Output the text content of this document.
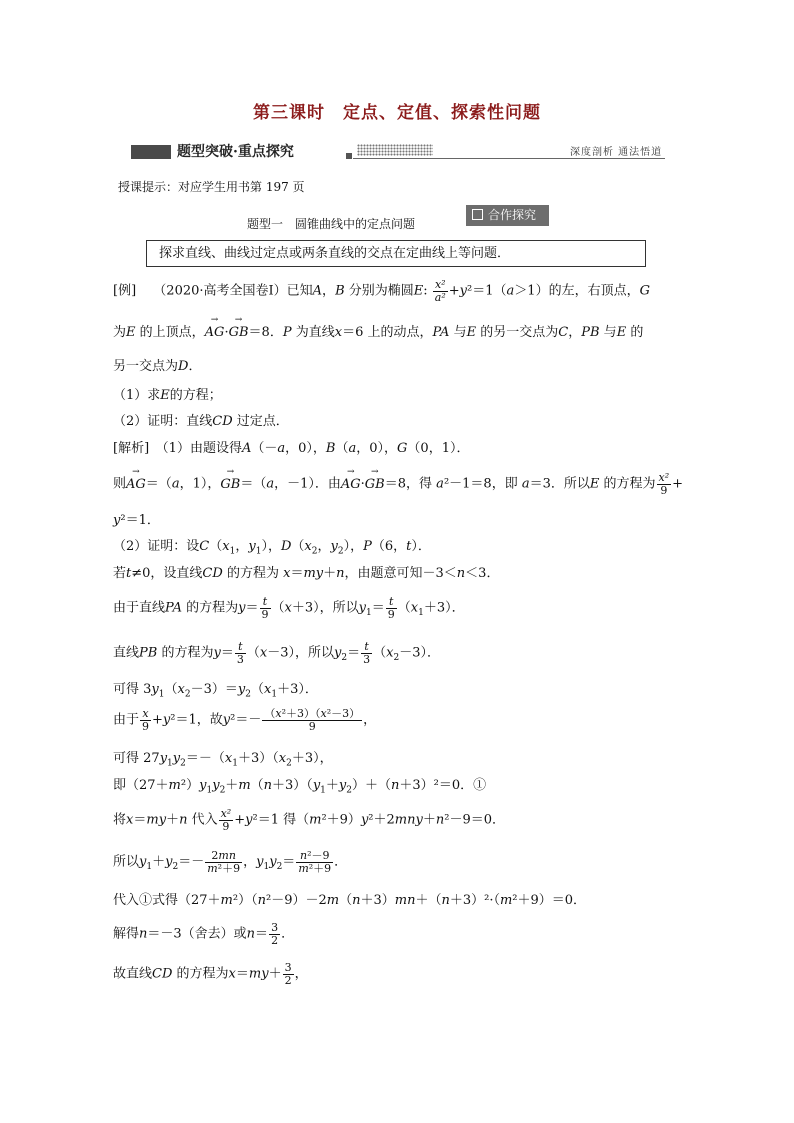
第三课时　定点、定值、探索性问题
题型突破·重点探究	深度剖析 通法悟道
授课提示：对应学生用书第 197 页
题型一　圆锥曲线中的定点问题
合作探究
探求直线、曲线过定点或两条直线的交点在定曲线上等问题．
[例]　 （2020·高考全国卷Ⅰ）已知A，B 分别为椭圆E: $\frac{\text{x²}}{\text{a²}} +y^2=1(a>1)$的左，右顶点，G
为E 的上顶点，→ AG·→ GB＝8．P 为直线x＝6 上的动点，PA 与E 的另一交点为C，PB 与E 的
另一交点为D．
（1）求E的方程；
（2）证明：直线CD 过定点．
[解析]　 （1）由题设得A（－a，0），B（a，0），G（0，1）．
则→ AG＝（a，1），→ GB＝（a，－1）．由→ AG·→ GB＝8，得 a²－1＝8，即 a＝3．所以E 的方程为 $\frac{\text{x²}}{9}$ +
y²＝1．
（2）证明：设$C(x_1$，$y_1$），$D(x_2$，$y_2$），P（6，t）．
若t≠0，设直线CD 的方程为 x＝my＋n，由题意可知－3＜n＜3．
由于直线PA 的方程为$y= \frac{t}{9} (x+3)$，所以$y_1= \frac{t}{9} (x_1+3)$．
直线PB 的方程为$y= \frac{t}{3} (x-3)$，所以$y_2= \frac{t}{3} (x_2-3)$．
可得 $3y_1(x_2-3)=y_2(x_1+3)$．
由于 $\frac{x}{9} +y^2=1$，故$y^2=- \frac{\text{（x²＋3）（x²－3）}}{9}$ ，
可得 $27y_1y_2=-(x_1+3)(x_2+3)$，
即$(27+m^2)y_1y_2+m(n+3)(y_1+y_2)+(n+3)^2=0$．①
将x＝my＋n 代入 $\frac{\text{x²}}{9} +y^2=1$ 得（m²＋9）y²＋2mny＋n²－9＝0．
所以$y_1+y_2=- \frac{2mn}{\text{m²＋9}}$ ，$y_1y_2= \frac{\text{n²－9}}{\text{m²＋9}}$ ．
代入①式得（27＋m²）（n²－9）－2m（n＋3）mn＋（n＋3）²·（m²＋9）＝0．
解得n＝－3（舍去）或$n= \frac{3}{2}$ ．
故直线CD 的方程为$x=my+ \frac{3}{2}$ ，
